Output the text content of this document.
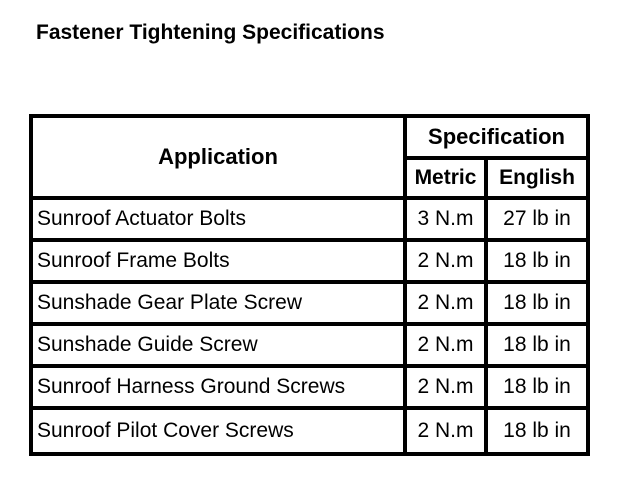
Fastener Tightening Specifications
Application	Specification	
	Metric	English
Sunroof Actuator Bolts	3 N.m	27 lb in
Sunroof Frame Bolts	2 N.m	18 lb in
Sunshade Gear Plate Screw	2 N.m	18 lb in
Sunshade Guide Screw	2 N.m	18 lb in
Sunroof Harness Ground Screws	2 N.m	18 lb in
Sunroof Pilot Cover Screws	2 N.m	18 lb in
